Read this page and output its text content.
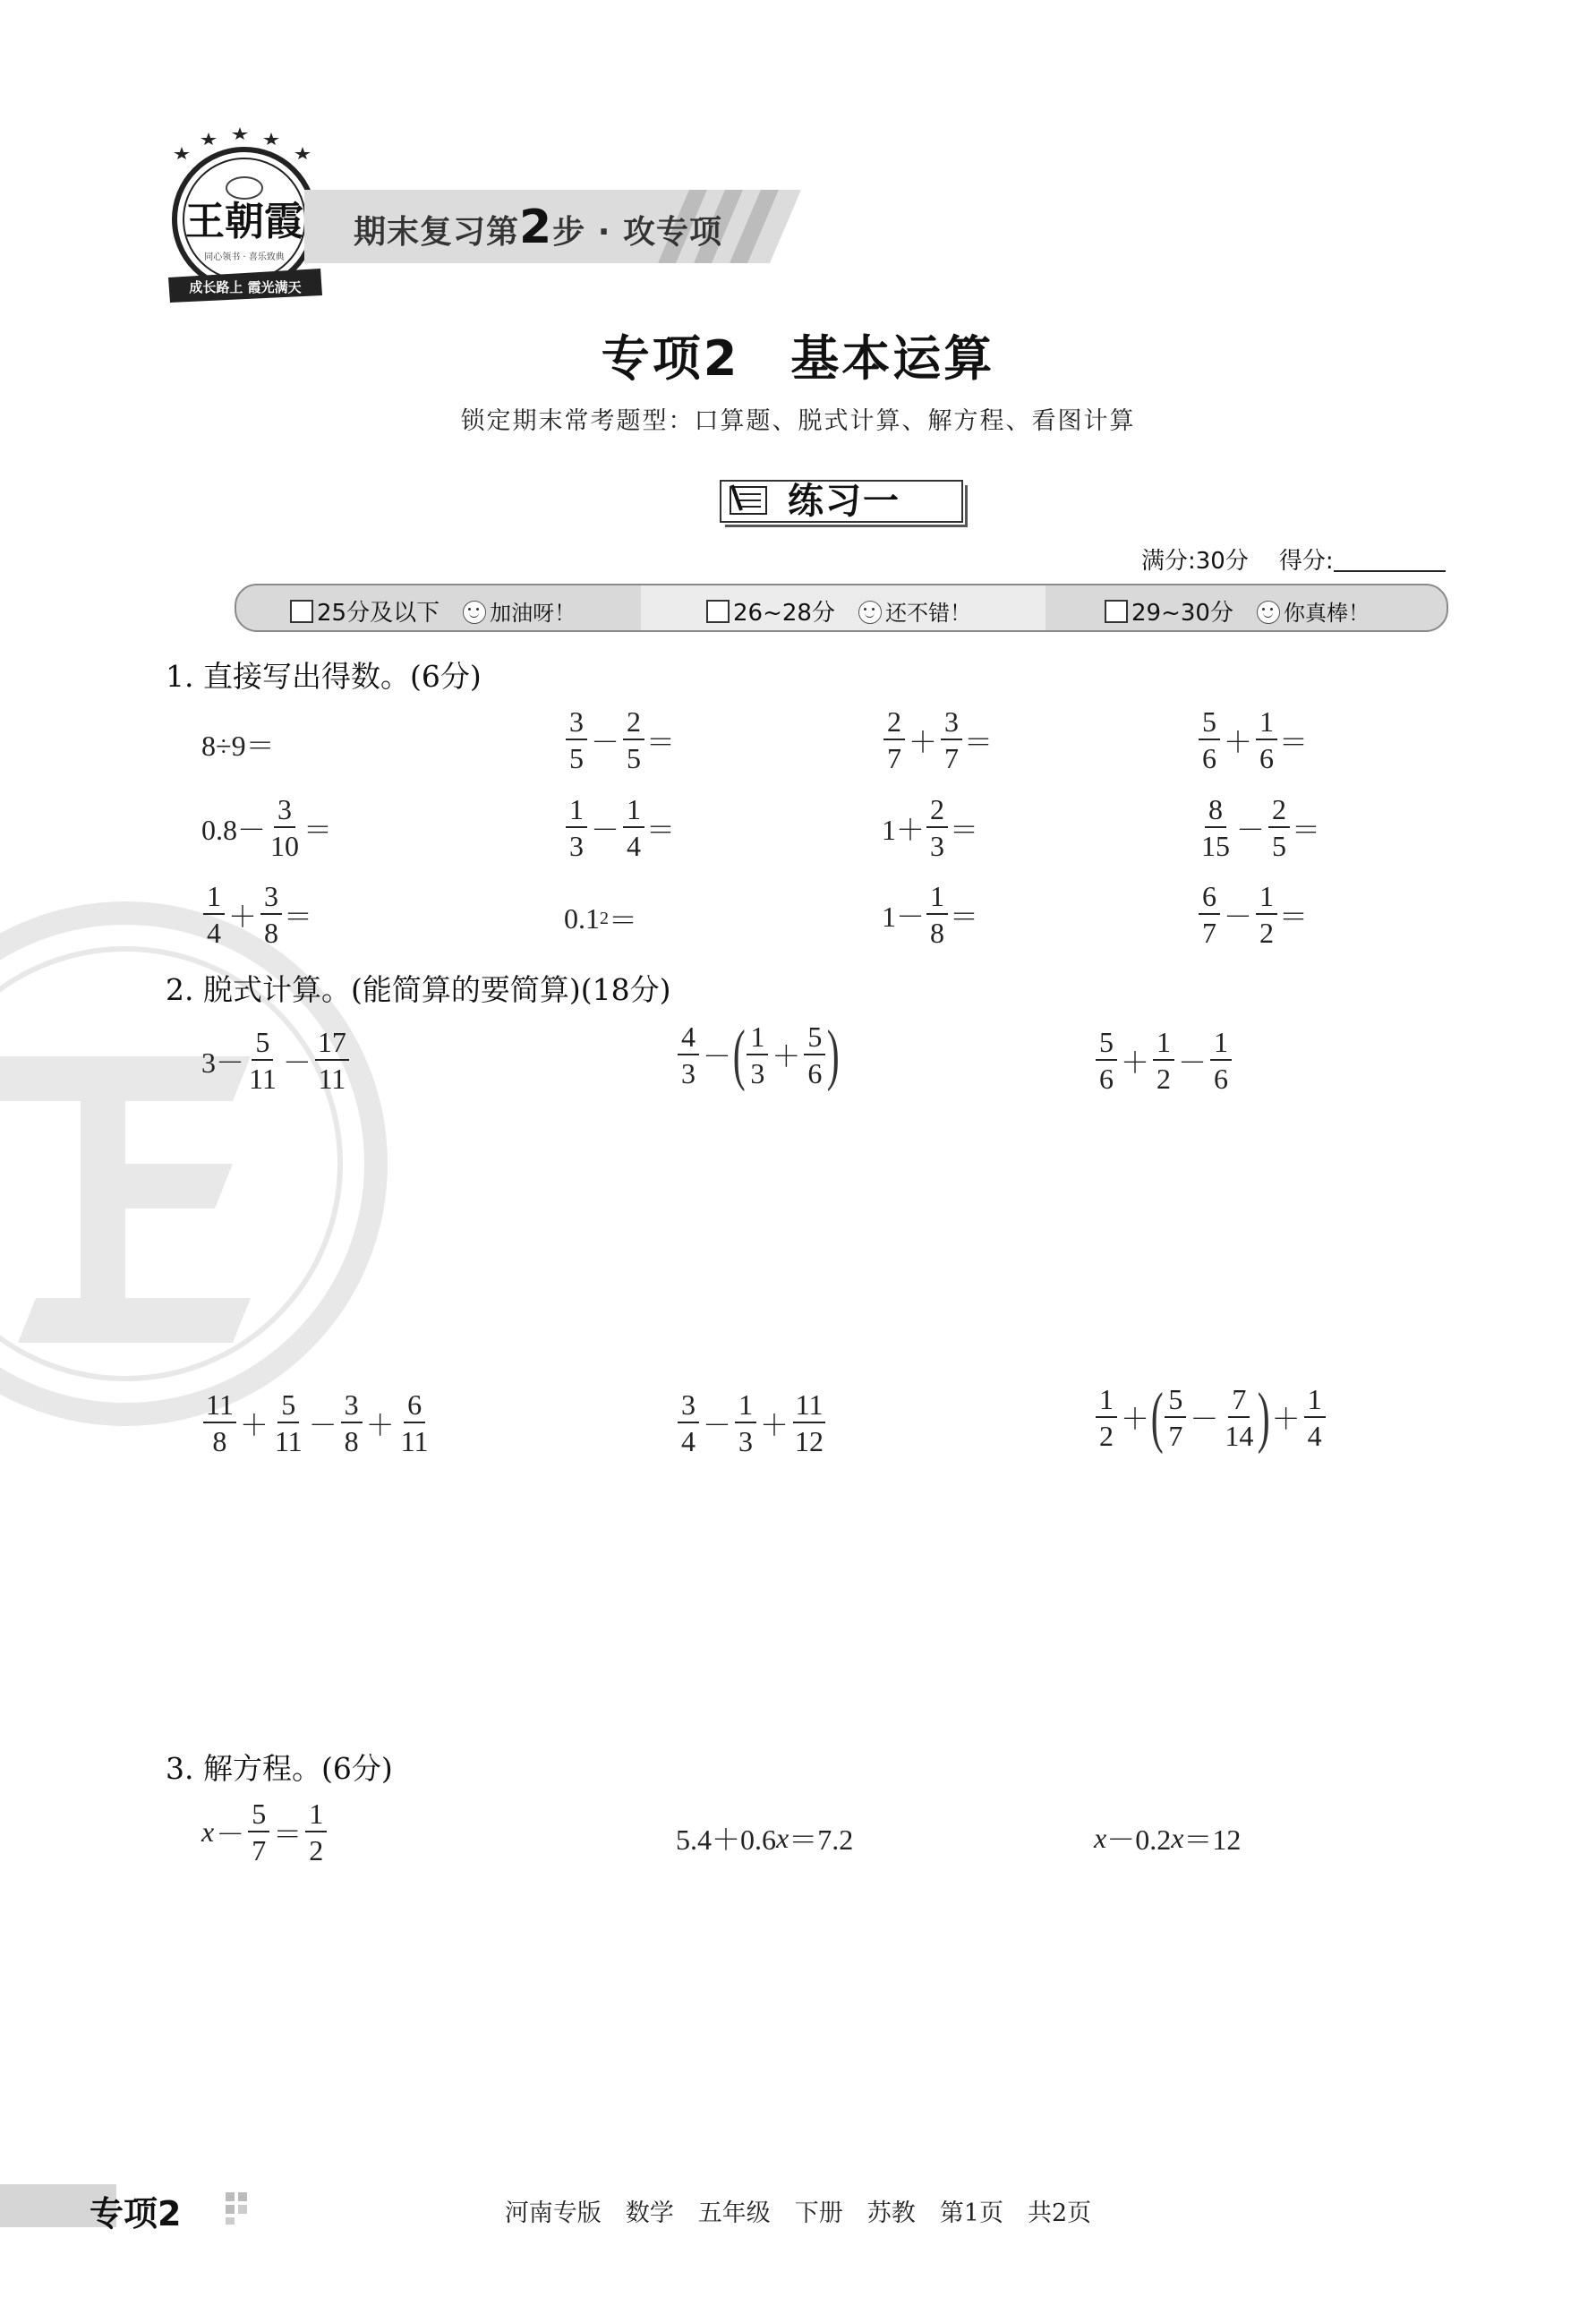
王朝霞
同心领书 · 喜乐致典
成长路上 霞光满天
期末复习第2步 · 攻专项
专项2　基本运算
锁定期末常考题型：口算题、脱式计算、解方程、看图计算
练习一
满分:30分 得分:
25分及以下 加油呀！	26~28分 还不错！	29~30分 你真棒！
1. 直接写出得数。(6分)
8÷9＝	$\frac{3}{5} - \frac{2}{5}$ ＝	$\frac{2}{7} + \frac{3}{7}$ ＝	$\frac{5}{6} + \frac{1}{6}$ ＝
$0.8- \frac{3}{10}$ ＝	$\frac{1}{3} - \frac{1}{4}$ ＝	$1+ \frac{2}{3}$ ＝	$\frac{8}{15} - \frac{2}{5}$ ＝
$\frac{1}{4} + \frac{3}{8}$ ＝	0.1 2 ＝	$1- \frac{1}{8}$ ＝	$\frac{6}{7} - \frac{1}{2}$ ＝
2. 脱式计算。(能简算的要简算)(18分)
$3- \frac{5}{11} - \frac{17}{11}$	$\frac{4}{3}$ － ( $\frac{1}{3} + \frac{5}{6}$ )	$\frac{5}{6} + \frac{1}{2} - \frac{1}{6}$
$\frac{11}{8} + \frac{5}{11} - \frac{3}{8} + \frac{6}{11}$	$\frac{3}{4} - \frac{1}{3} + \frac{11}{12}$	$\frac{1}{2}$ ＋ ( $\frac{5}{7} - \frac{7}{14}$ ) ＋ $\frac{1}{4}$
3. 解方程。(6分)
$x - \frac{5}{7} = \frac{1}{2}$	5.4＋0.6 x ＝7.2	x －0.2 x ＝12
专项2	河南专版　数学　五年级　下册　苏教　第1页　共2页
